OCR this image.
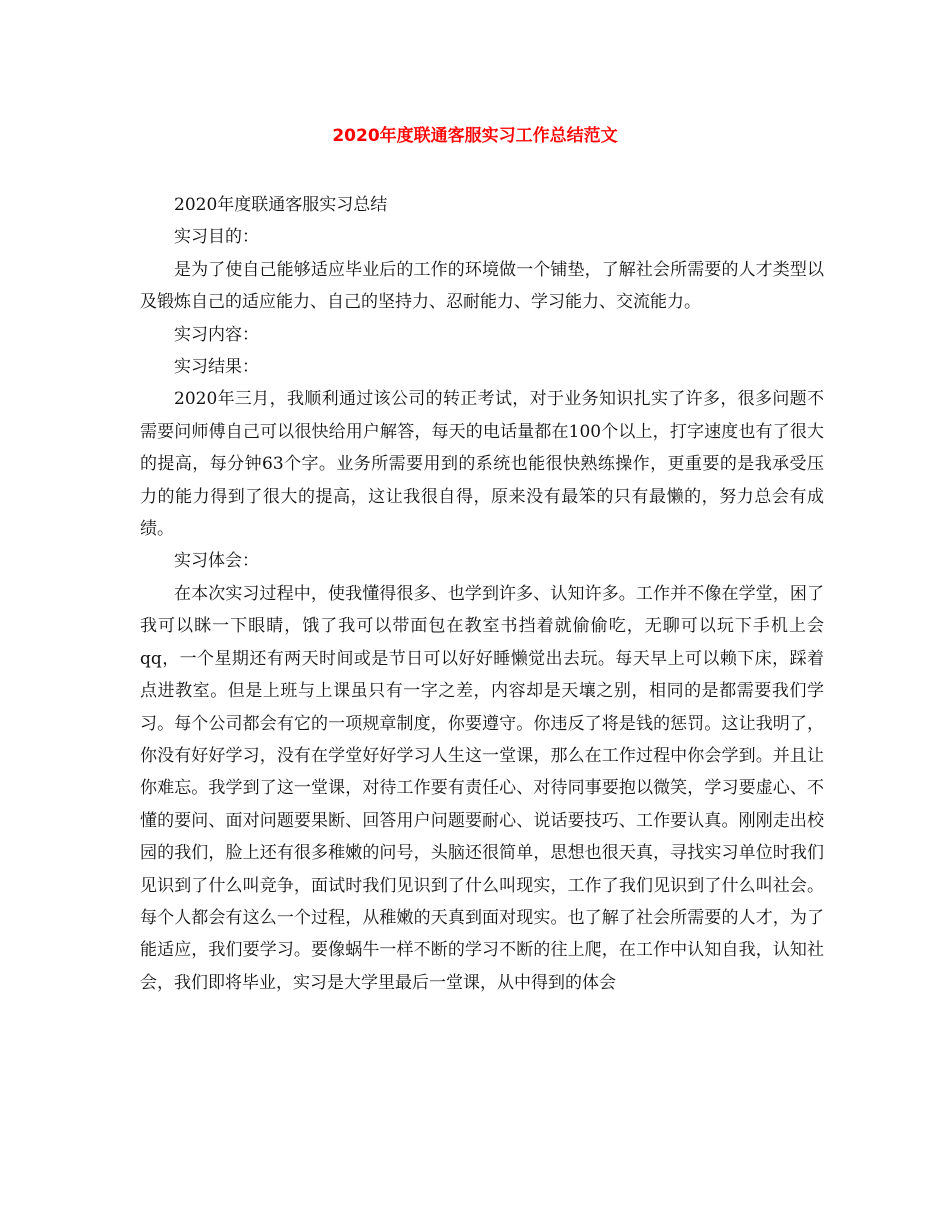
2020年度联通客服实习工作总结范文

2020年度联通客服实习总结

实习目的：

是为了使自己能够适应毕业后的工作的环境做一个铺垫，了解社会所需要的人才类型以及锻炼自己的适应能力、自己的坚持力、忍耐能力、学习能力、交流能力。

实习内容：

实习结果：

2020年三月，我顺利通过该公司的转正考试，对于业务知识扎实了许多，很多问题不需要问师傅自己可以很快给用户解答，每天的电话量都在100个以上，打字速度也有了很大的提高，每分钟63个字。业务所需要用到的系统也能很快熟练操作，更重要的是我承受压力的能力得到了很大的提高，这让我很自得，原来没有最笨的只有最懒的，努力总会有成绩。

实习体会：

在本次实习过程中，使我懂得很多、也学到许多、认知许多。工作并不像在学堂，困了我可以眯一下眼睛，饿了我可以带面包在教室书挡着就偷偷吃，无聊可以玩下手机上会qq，一个星期还有两天时间或是节日可以好好睡懒觉出去玩。每天早上可以赖下床，踩着点进教室。但是上班与上课虽只有一字之差，内容却是天壤之别，相同的是都需要我们学习。每个公司都会有它的一项规章制度，你要遵守。你违反了将是钱的惩罚。这让我明了，你没有好好学习，没有在学堂好好学习人生这一堂课，那么在工作过程中你会学到。并且让你难忘。我学到了这一堂课，对待工作要有责任心、对待同事要抱以微笑，学习要虚心、不懂的要问、面对问题要果断、回答用户问题要耐心、说话要技巧、工作要认真。刚刚走出校园的我们，脸上还有很多稚嫩的问号，头脑还很简单，思想也很天真，寻找实习单位时我们见识到了什么叫竞争，面试时我们见识到了什么叫现实，工作了我们见识到了什么叫社会。每个人都会有这么一个过程，从稚嫩的天真到面对现实。也了解了社会所需要的人才，为了能适应，我们要学习。要像蜗牛一样不断的学习不断的往上爬，在工作中认知自我，认知社会，我们即将毕业，实习是大学里最后一堂课，从中得到的体会
